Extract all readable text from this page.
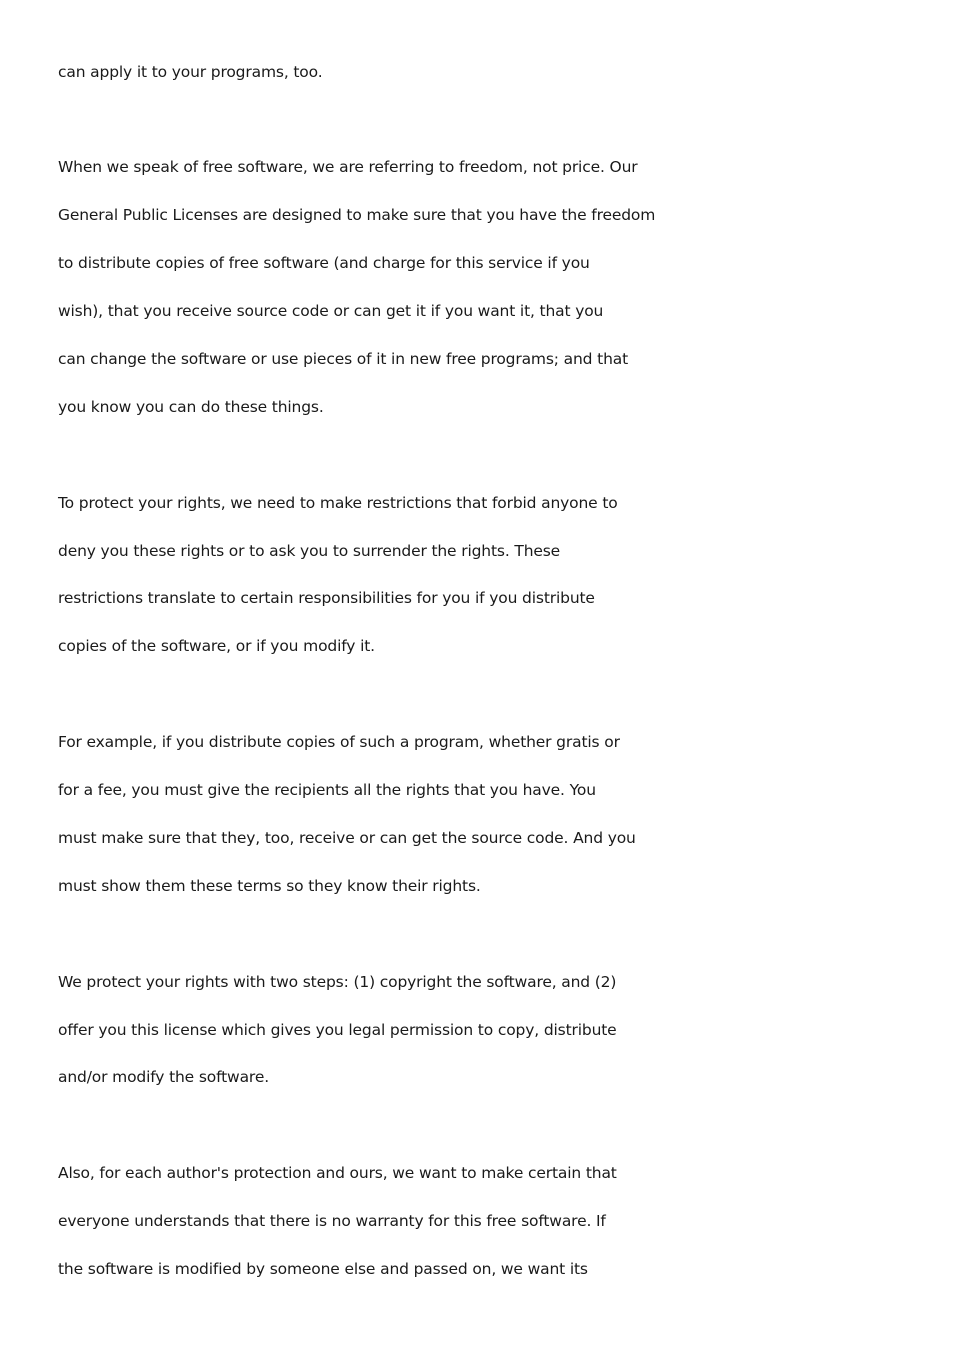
can apply it to your programs, too.

When we speak of free software, we are referring to freedom, not price. Our

General Public Licenses are designed to make sure that you have the freedom

to distribute copies of free software (and charge for this service if you

wish), that you receive source code or can get it if you want it, that you

can change the software or use pieces of it in new free programs; and that

you know you can do these things.

To protect your rights, we need to make restrictions that forbid anyone to

deny you these rights or to ask you to surrender the rights. These

restrictions translate to certain responsibilities for you if you distribute

copies of the software, or if you modify it.

For example, if you distribute copies of such a program, whether gratis or

for a fee, you must give the recipients all the rights that you have. You

must make sure that they, too, receive or can get the source code. And you

must show them these terms so they know their rights.

We protect your rights with two steps: (1) copyright the software, and (2)

offer you this license which gives you legal permission to copy, distribute

and/or modify the software.

Also, for each author's protection and ours, we want to make certain that

everyone understands that there is no warranty for this free software. If

the software is modified by someone else and passed on, we want its
